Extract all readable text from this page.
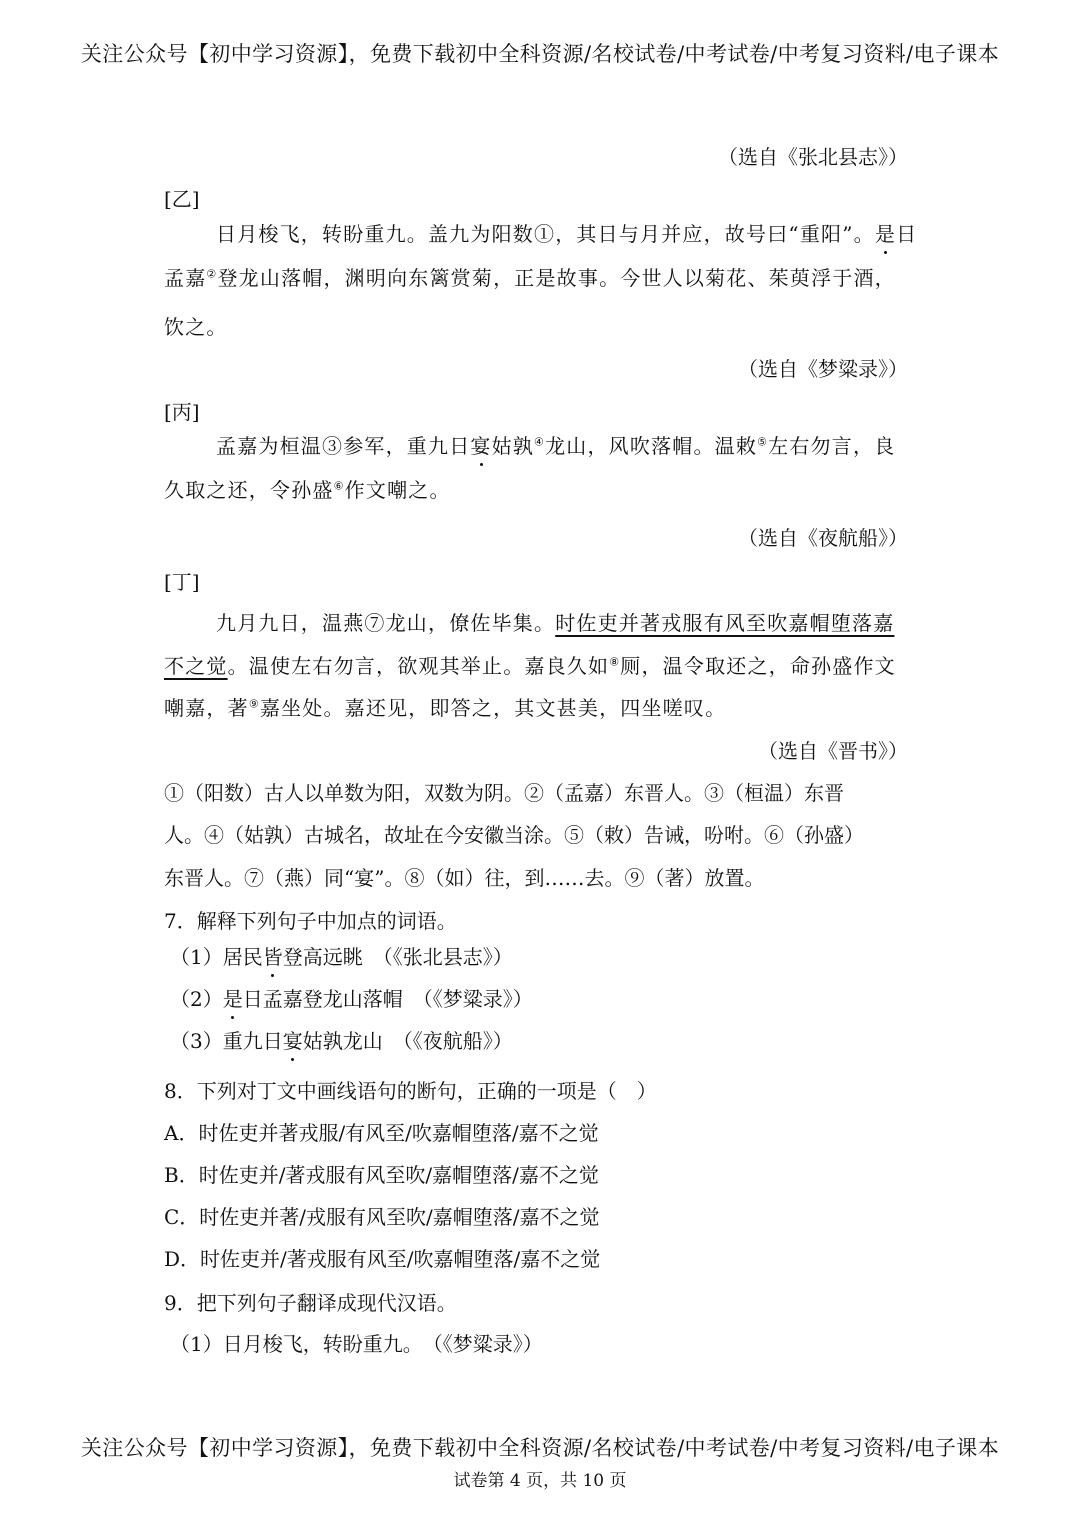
关注公众号【初中学习资源】，免费下载初中全科资源/名校试卷/中考试卷/中考复习资料/电子课本
（选自《张北县志》）
[乙]
日月梭飞，转盼重九。盖九为阳数①，其日与月并应，故号曰“重阳”。是日
孟嘉②登龙山落帽，渊明向东篱赏菊，正是故事。今世人以菊花、茱萸浮于酒，
饮之。
（选自《梦粱录》）
[丙]
孟嘉为桓温③参军，重九日宴姑孰④龙山，风吹落帽。温敕⑤左右勿言，良
久取之还，令孙盛⑥作文嘲之。
（选自《夜航船》）
[丁]
九月九日，温燕⑦龙山，僚佐毕集。时佐吏并著戎服有风至吹嘉帽堕落嘉
不之觉。温使左右勿言，欲观其举止。嘉良久如⑧厕，温令取还之，命孙盛作文
嘲嘉，著⑨嘉坐处。嘉还见，即答之，其文甚美，四坐嗟叹。
（选自《晋书》）
①（阳数）古人以单数为阳，双数为阴。②（孟嘉）东晋人。③（桓温）东晋
人。④（姑孰）古城名，故址在今安徽当涂。⑤（敕）告诫，吩咐。⑥（孙盛）
东晋人。⑦（燕）同“宴”。⑧（如）往，到……去。⑨（著）放置。
7．解释下列句子中加点的词语。
（1）居民皆登高远眺　（《张北县志》）
（2）是日孟嘉登龙山落帽　（《梦粱录》）
（3）重九日宴姑孰龙山　（《夜航船》）
8．下列对丁文中画线语句的断句，正确的一项是（　）
A．时佐吏并著戎服/有风至/吹嘉帽堕落/嘉不之觉
B．时佐吏并/著戎服有风至吹/嘉帽堕落/嘉不之觉
C．时佐吏并著/戎服有风至吹/嘉帽堕落/嘉不之觉
D．时佐吏并/著戎服有风至/吹嘉帽堕落/嘉不之觉
9．把下列句子翻译成现代汉语。
（1）日月梭飞，转盼重九。　（《梦粱录》）
关注公众号【初中学习资源】，免费下载初中全科资源/名校试卷/中考试卷/中考复习资料/电子课本
试卷第 4 页，共 10 页
